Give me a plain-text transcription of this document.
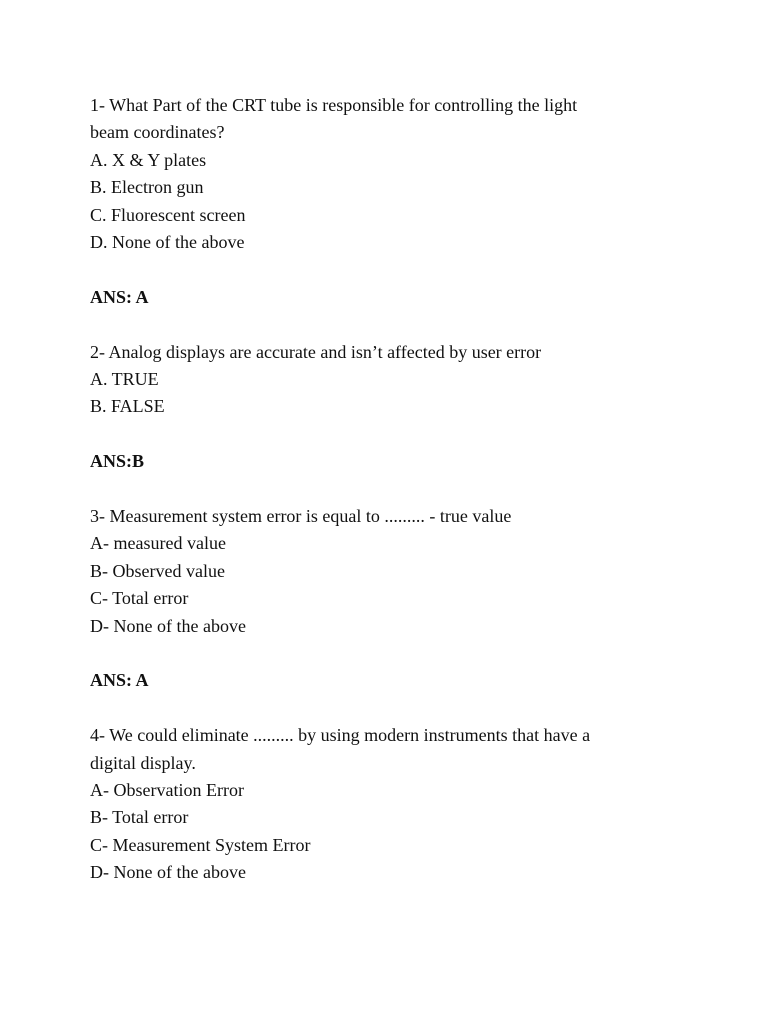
1- What Part of the CRT tube is responsible for controlling the light
beam coordinates?
A. X & Y plates
B. Electron gun
C. Fluorescent screen
D. None of the above
ANS: A
2- Analog displays are accurate and isn’t affected by user error
A. TRUE
B. FALSE
ANS:B
3- Measurement system error is equal to ......... - true value
A- measured value
B- Observed value
C- Total error
D- None of the above
ANS: A
4- We could eliminate ......... by using modern instruments that have a
digital display.
A- Observation Error
B- Total error
C- Measurement System Error
D- None of the above
